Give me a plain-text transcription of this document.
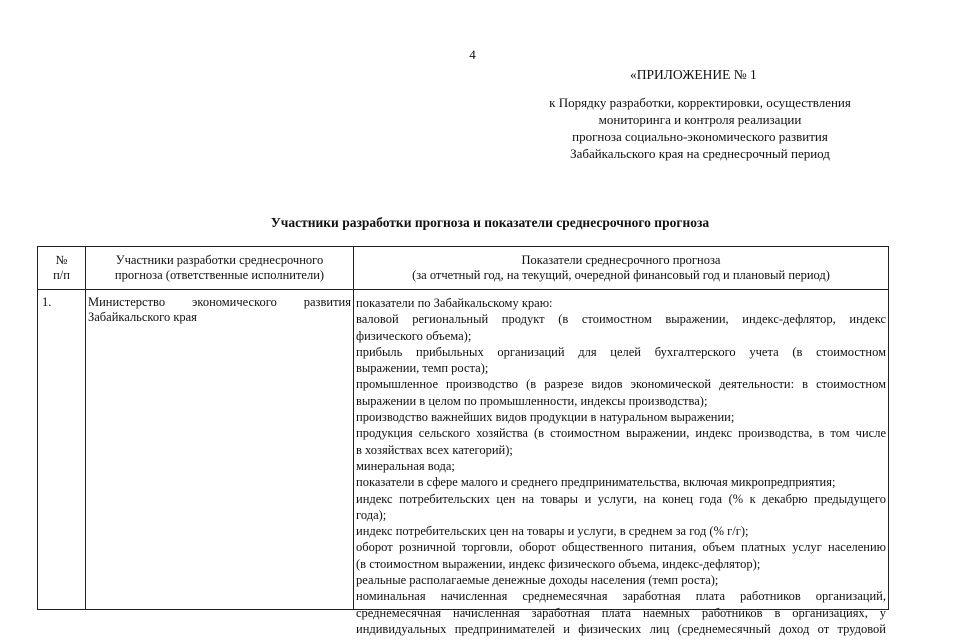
4
«ПРИЛОЖЕНИЕ № 1
к Порядку разработки, корректировки, осуществления
мониторинга и контроля реализации
прогноза социально-экономического развития
Забайкальского края на среднесрочный период
Участники разработки прогноза и показатели среднесрочного прогноза
№
п/п
Участники разработки среднесрочного
прогноза (ответственные исполнители)
Показатели среднесрочного прогноза
(за отчетный год, на текущий, очередной финансовый год и плановый период)
1.	Министерство экономического развития
Забайкальского края
показатели по Забайкальскому краю:
валовой региональный продукт (в стоимостном выражении, индекс-дефлятор, индекс
физического объема);
прибыль прибыльных организаций для целей бухгалтерского учета (в стоимостном
выражении, темп роста);
промышленное производство (в разрезе видов экономической деятельности: в стоимостном
выражении в целом по промышленности, индексы производства);
производство важнейших видов продукции в натуральном выражении;
продукция сельского хозяйства (в стоимостном выражении, индекс производства, в том числе
в хозяйствах всех категорий);
минеральная вода;
показатели в сфере малого и среднего предпринимательства, включая микропредприятия;
индекс потребительских цен на товары и услуги, на конец года (% к декабрю предыдущего
года);
индекс потребительских цен на товары и услуги, в среднем за год (% г/г);
оборот розничной торговли, оборот общественного питания, объем платных услуг населению
(в стоимостном выражении, индекс физического объема, индекс-дефлятор);
реальные располагаемые денежные доходы населения (темп роста);
номинальная начисленная среднемесячная заработная плата работников организаций,
среднемесячная начисленная заработная плата наемных работников в организациях, у
индивидуальных предпринимателей и физических лиц (среднемесячный доход от трудовой
